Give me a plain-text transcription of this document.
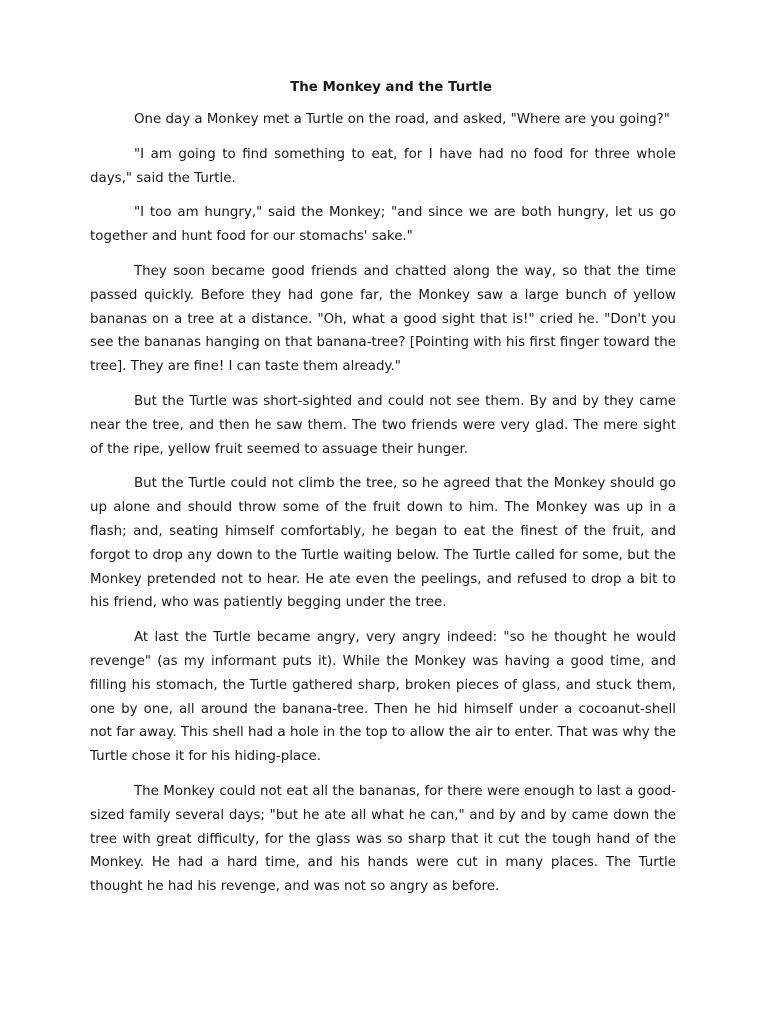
The Monkey and the Turtle

One day a Monkey met a Turtle on the road, and asked, "Where are you going?"

"I am going to find something to eat, for I have had no food for three whole days," said the Turtle.

"I too am hungry," said the Monkey; "and since we are both hungry, let us go together and hunt food for our stomachs' sake."

They soon became good friends and chatted along the way, so that the time passed quickly. Before they had gone far, the Monkey saw a large bunch of yellow bananas on a tree at a distance. "Oh, what a good sight that is!" cried he. "Don't you see the bananas hanging on that banana-tree? [Pointing with his first finger toward the tree]. They are fine! I can taste them already."

But the Turtle was short-sighted and could not see them. By and by they came near the tree, and then he saw them. The two friends were very glad. The mere sight of the ripe, yellow fruit seemed to assuage their hunger.

But the Turtle could not climb the tree, so he agreed that the Monkey should go up alone and should throw some of the fruit down to him. The Monkey was up in a flash; and, seating himself comfortably, he began to eat the finest of the fruit, and forgot to drop any down to the Turtle waiting below. The Turtle called for some, but the Monkey pretended not to hear. He ate even the peelings, and refused to drop a bit to his friend, who was patiently begging under the tree.

At last the Turtle became angry, very angry indeed: "so he thought he would revenge" (as my informant puts it). While the Monkey was having a good time, and filling his stomach, the Turtle gathered sharp, broken pieces of glass, and stuck them, one by one, all around the banana-tree. Then he hid himself under a cocoanut-shell not far away. This shell had a hole in the top to allow the air to enter. That was why the Turtle chose it for his hiding-place.

The Monkey could not eat all the bananas, for there were enough to last a good-sized family several days; "but he ate all what he can," and by and by came down the tree with great difficulty, for the glass was so sharp that it cut the tough hand of the Monkey. He had a hard time, and his hands were cut in many places. The Turtle thought he had his revenge, and was not so angry as before.
